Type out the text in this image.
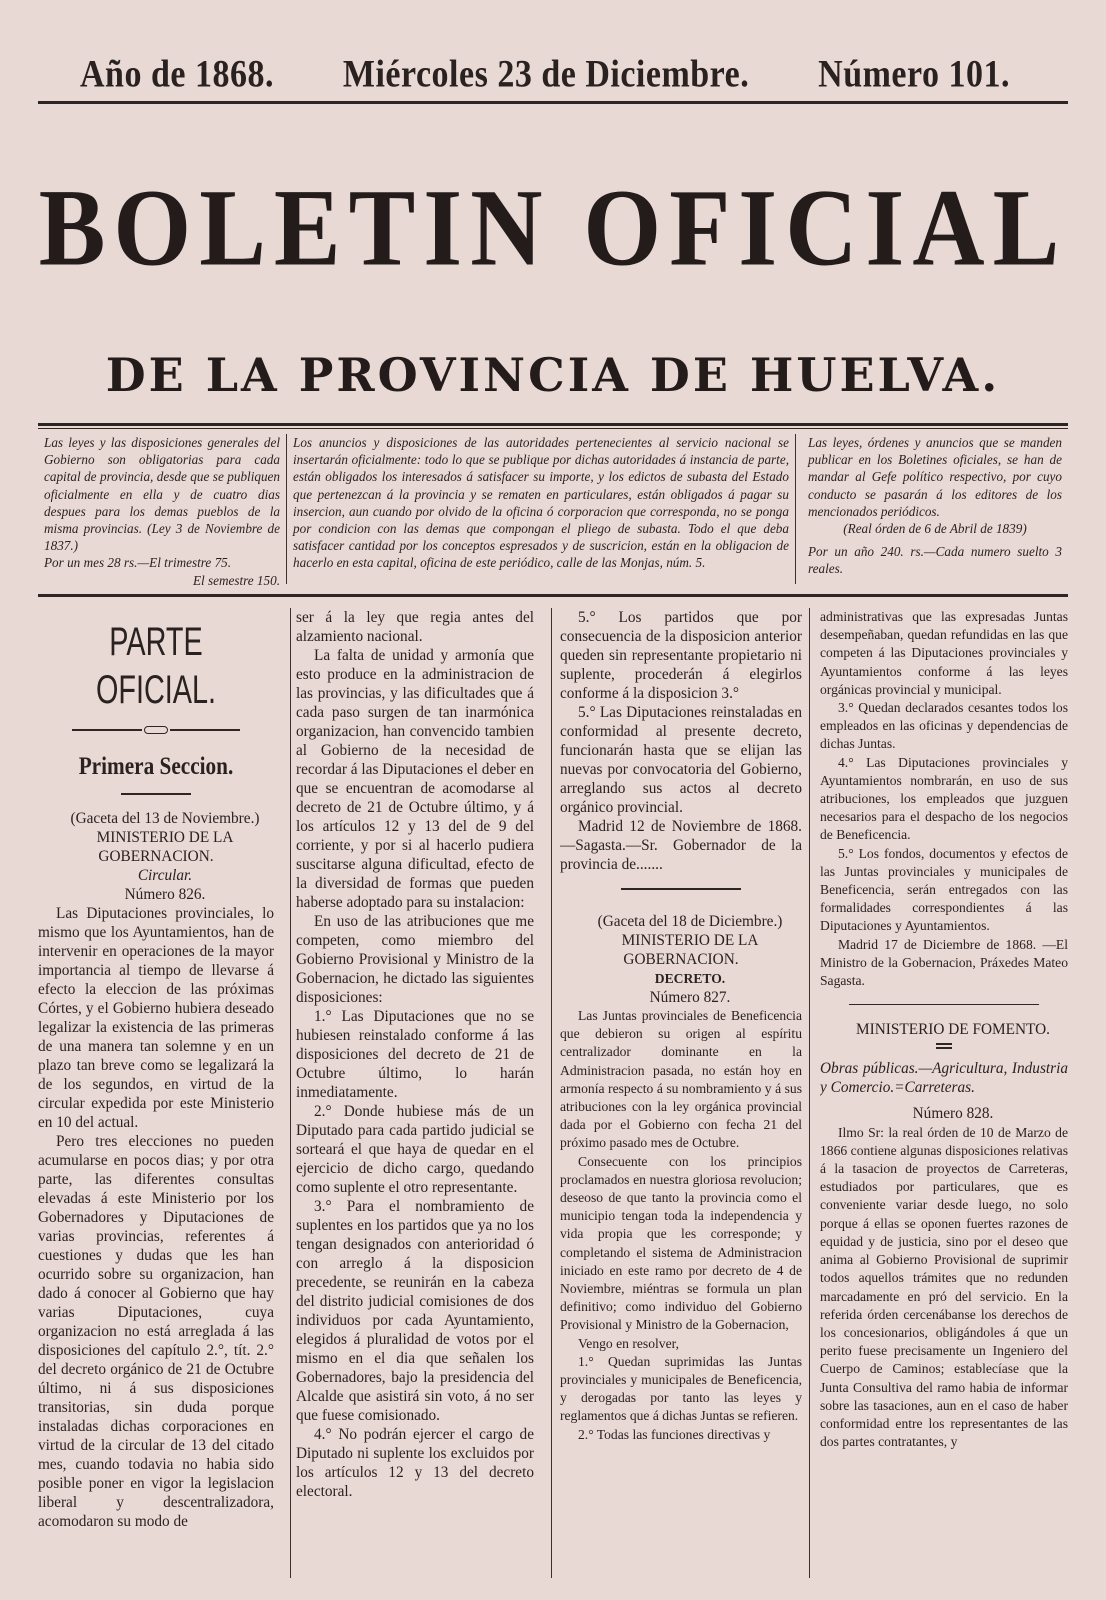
Año de 1868. Miércoles 23 de Diciembre. Número 101.
BOLETIN OFICIAL
DE LA PROVINCIA DE HUELVA.

Las leyes y las disposiciones generales del Gobierno son obligatorias para cada capital de provincia, desde que se publiquen oficialmente en ella y de cuatro dias despues para los demas pueblos de la misma provincias. (Ley 3 de Noviembre de 1837.)

Por un mes 28 rs.—El trimestre 75.

El semestre 150.

Los anuncios y disposiciones de las autoridades pertenecientes al servicio nacional se insertarán oficialmente: todo lo que se publique por dichas autoridades á instancia de parte, están obligados los interesados á satisfacer su importe, y los edictos de subasta del Estado que pertenezcan á la provincia y se rematen en particulares, están obligados á pagar su insercion, aun cuando por olvido de la oficina ó corporacion que corresponda, no se ponga por condicion con las demas que compongan el pliego de subasta. Todo el que deba satisfacer cantidad por los conceptos espresados y de suscricion, están en la obligacion de hacerlo en esta capital, oficina de este periódico, calle de las Monjas, núm. 5.

Las leyes, órdenes y anuncios que se manden publicar en los Boletines oficiales, se han de mandar al Gefe político respectivo, por cuyo conducto se pasarán á los editores de los mencionados periódicos.

(Real órden de 6 de Abril de 1839)

Por un año 240. rs.—Cada numero suelto 3 reales.

PARTE OFICIAL.
Primera Seccion.

(Gaceta del 13 de Noviembre.)

MINISTERIO DE LA GOBERNACION.

Circular.

Número 826.

Las Diputaciones provinciales, lo mismo que los Ayuntamientos, han de intervenir en operaciones de la mayor importancia al tiempo de llevarse á efecto la eleccion de las próximas Córtes, y el Gobierno hubiera deseado legalizar la existencia de las primeras de una manera tan solemne y en un plazo tan breve como se legalizará la de los segundos, en virtud de la circular expedida por este Ministerio en 10 del actual.

Pero tres elecciones no pueden acumularse en pocos dias; y por otra parte, las diferentes consultas elevadas á este Ministerio por los Gobernadores y Diputaciones de varias provincias, referentes á cuestiones y dudas que les han ocurrido sobre su organizacion, han dado á conocer al Gobierno que hay varias Diputaciones, cuya organizacion no está arreglada á las disposiciones del capítulo 2.°, tít. 2.° del decreto orgánico de 21 de Octubre último, ni á sus disposiciones transitorias, sin duda porque instaladas dichas corporaciones en virtud de la circular de 13 del citado mes, cuando todavia no habia sido posible poner en vigor la legislacion liberal y descentralizadora, acomodaron su modo de

ser á la ley que regia antes del alzamiento nacional.

La falta de unidad y armonía que esto produce en la administracion de las provincias, y las dificultades que á cada paso surgen de tan inarmónica organizacion, han convencido tambien al Gobierno de la necesidad de recordar á las Diputaciones el deber en que se encuentran de acomodarse al decreto de 21 de Octubre último, y á los artículos 12 y 13 del de 9 del corriente, y por si al hacerlo pudiera suscitarse alguna dificultad, efecto de la diversidad de formas que pueden haberse adoptado para su instalacion:

En uso de las atribuciones que me competen, como miembro del Gobierno Provisional y Ministro de la Gobernacion, he dictado las siguientes disposiciones:

1.° Las Diputaciones que no se hubiesen reinstalado conforme á las disposiciones del decreto de 21 de Octubre último, lo harán inmediatamente.

2.° Donde hubiese más de un Diputado para cada partido judicial se sorteará el que haya de quedar en el ejercicio de dicho cargo, quedando como suplente el otro representante.

3.° Para el nombramiento de suplentes en los partidos que ya no los tengan designados con anterioridad ó con arreglo á la disposicion precedente, se reunirán en la cabeza del distrito judicial comisiones de dos individuos por cada Ayuntamiento, elegidos á pluralidad de votos por el mismo en el dia que señalen los Gobernadores, bajo la presidencia del Alcalde que asistirá sin voto, á no ser que fuese comisionado.

4.° No podrán ejercer el cargo de Diputado ni suplente los excluidos por los artículos 12 y 13 del decreto electoral.

5.° Los partidos que por consecuencia de la disposicion anterior queden sin representante propietario ni suplente, procederán á elegirlos conforme á la disposicion 3.°

5.° Las Diputaciones reinstaladas en conformidad al presente decreto, funcionarán hasta que se elijan las nuevas por convocatoria del Gobierno, arreglando sus actos al decreto orgánico provincial.

Madrid 12 de Noviembre de 1868.—Sagasta.—Sr. Gobernador de la provincia de.......

(Gaceta del 18 de Diciembre.)

MINISTERIO DE LA GOBERNACION.

DECRETO.

Número 827.

Las Juntas provinciales de Beneficencia que debieron su origen al espíritu centralizador dominante en la Administracion pasada, no están hoy en armonía respecto á su nombramiento y á sus atribuciones con la ley orgánica provincial dada por el Gobierno con fecha 21 del próximo pasado mes de Octubre.

Consecuente con los principios proclamados en nuestra gloriosa revolucion; deseoso de que tanto la provincia como el municipio tengan toda la independencia y vida propia que les corresponde; y completando el sistema de Administracion iniciado en este ramo por decreto de 4 de Noviembre, miéntras se formula un plan definitivo; como individuo del Gobierno Provisional y Ministro de la Gobernacion,

Vengo en resolver,

1.° Quedan suprimidas las Juntas provinciales y municipales de Beneficencia, y derogadas por tanto las leyes y reglamentos que á dichas Juntas se refieren.

2.° Todas las funciones directivas y

administrativas que las expresadas Juntas desempeñaban, quedan refundidas en las que competen á las Diputaciones provinciales y Ayuntamientos conforme á las leyes orgánicas provincial y municipal.

3.° Quedan declarados cesantes todos los empleados en las oficinas y dependencias de dichas Juntas.

4.° Las Diputaciones provinciales y Ayuntamientos nombrarán, en uso de sus atribuciones, los empleados que juzguen necesarios para el despacho de los negocios de Beneficencia.

5.° Los fondos, documentos y efectos de las Juntas provinciales y municipales de Beneficencia, serán entregados con las formalidades correspondientes á las Diputaciones y Ayuntamientos.

Madrid 17 de Diciembre de 1868. —El Ministro de la Gobernacion, Práxedes Mateo Sagasta.

MINISTERIO DE FOMENTO.

Obras públicas.—Agricultura, Industria y Comercio.=Carreteras.

Número 828.

Ilmo Sr: la real órden de 10 de Marzo de 1866 contiene algunas disposiciones relativas á la tasacion de proyectos de Carreteras, estudiados por particulares, que es conveniente variar desde luego, no solo porque á ellas se oponen fuertes razones de equidad y de justicia, sino por el deseo que anima al Gobierno Provisional de suprimir todos aquellos trámites que no redunden marcadamente en pró del servicio. En la referida órden cercenábanse los derechos de los concesionarios, obligándoles á que un perito fuese precisamente un Ingeniero del Cuerpo de Caminos; establecíase que la Junta Consultiva del ramo habia de informar sobre las tasaciones, aun en el caso de haber conformidad entre los representantes de las dos partes contratantes, y
